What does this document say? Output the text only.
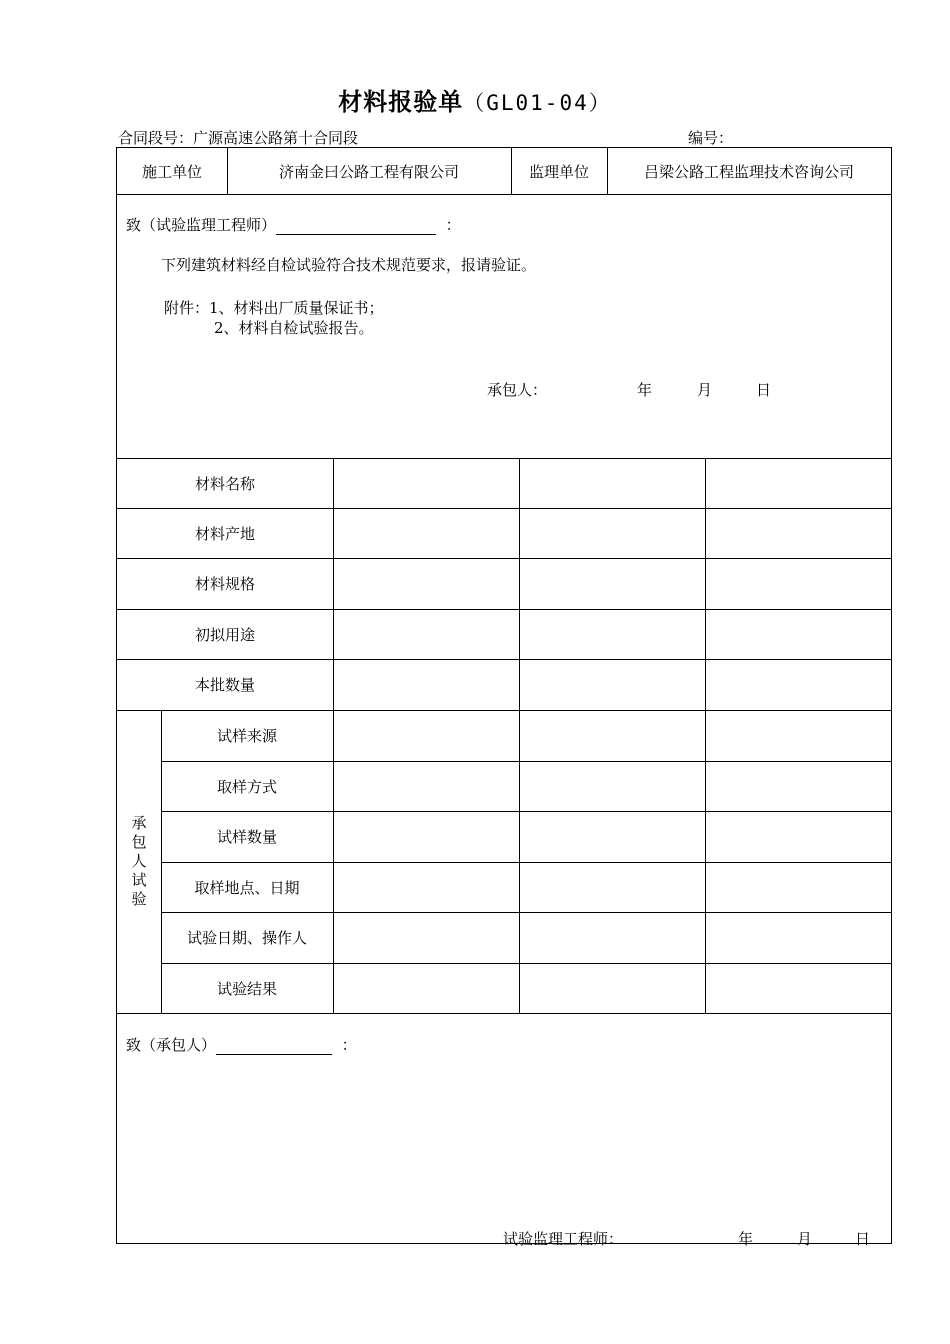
材料报验单（GL01-04）
合同段号：广源高速公路第十合同段	编号：
施工单位	济南金曰公路工程有限公司	监理单位	吕梁公路工程监理技术咨询公司
致（试验监理工程师）	：
下列建筑材料经自检试验符合技术规范要求，报请验证。
附件：1、材料出厂质量保证书；
2、材料自检试验报告。
承包人：	年	月	日
材料名称
材料产地
材料规格
初拟用途
本批数量
承
包
人
试
验
试样来源
取样方式
试样数量
取样地点、日期
试验日期、操作人
试验结果
致（承包人）	：
试验监理工程师：	年	月	日
